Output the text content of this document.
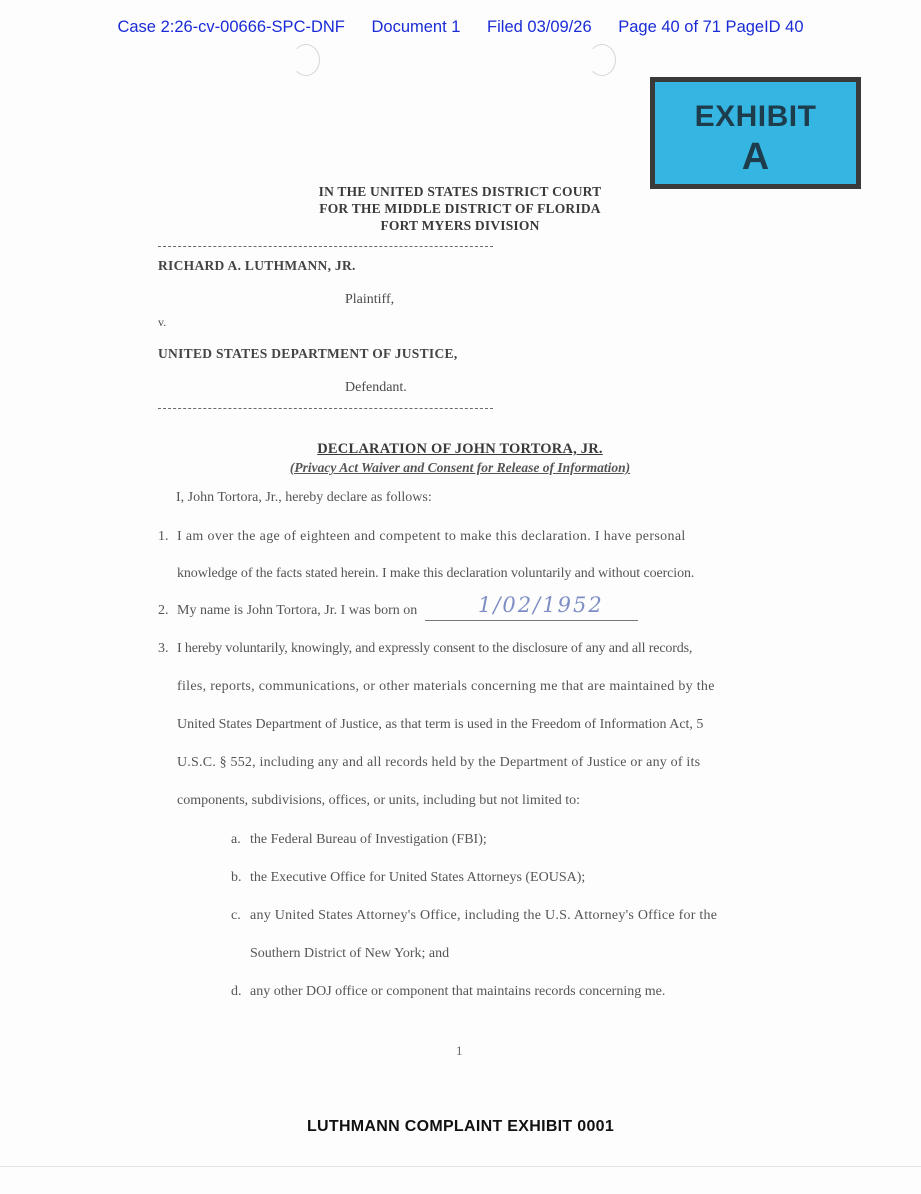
Case 2:26-cv-00666-SPC-DNF Document 1 Filed 03/09/26 Page 40 of 71 PageID 40
EXHIBIT
A
IN THE UNITED STATES DISTRICT COURT
FOR THE MIDDLE DISTRICT OF FLORIDA
FORT MYERS DIVISION
RICHARD A. LUTHMANN, JR.
Plaintiff,
v.
UNITED STATES DEPARTMENT OF JUSTICE,
Defendant.
DECLARATION OF JOHN TORTORA, JR.
(Privacy Act Waiver and Consent for Release of Information)
I, John Tortora, Jr., hereby declare as follows:
1. I am over the age of eighteen and competent to make this declaration. I have personal
knowledge of the facts stated herein. I make this declaration voluntarily and without coercion.
2. My name is John Tortora, Jr. I was born on	1/02/1952
3. I hereby voluntarily, knowingly, and expressly consent to the disclosure of any and all records,
files, reports, communications, or other materials concerning me that are maintained by the
United States Department of Justice, as that term is used in the Freedom of Information Act, 5
U.S.C. § 552, including any and all records held by the Department of Justice or any of its
components, subdivisions, offices, or units, including but not limited to:
a. the Federal Bureau of Investigation (FBI);
b. the Executive Office for United States Attorneys (EOUSA);
c. any United States Attorney's Office, including the U.S. Attorney's Office for the
Southern District of New York; and
d. any other DOJ office or component that maintains records concerning me.
1
LUTHMANN COMPLAINT EXHIBIT 0001
